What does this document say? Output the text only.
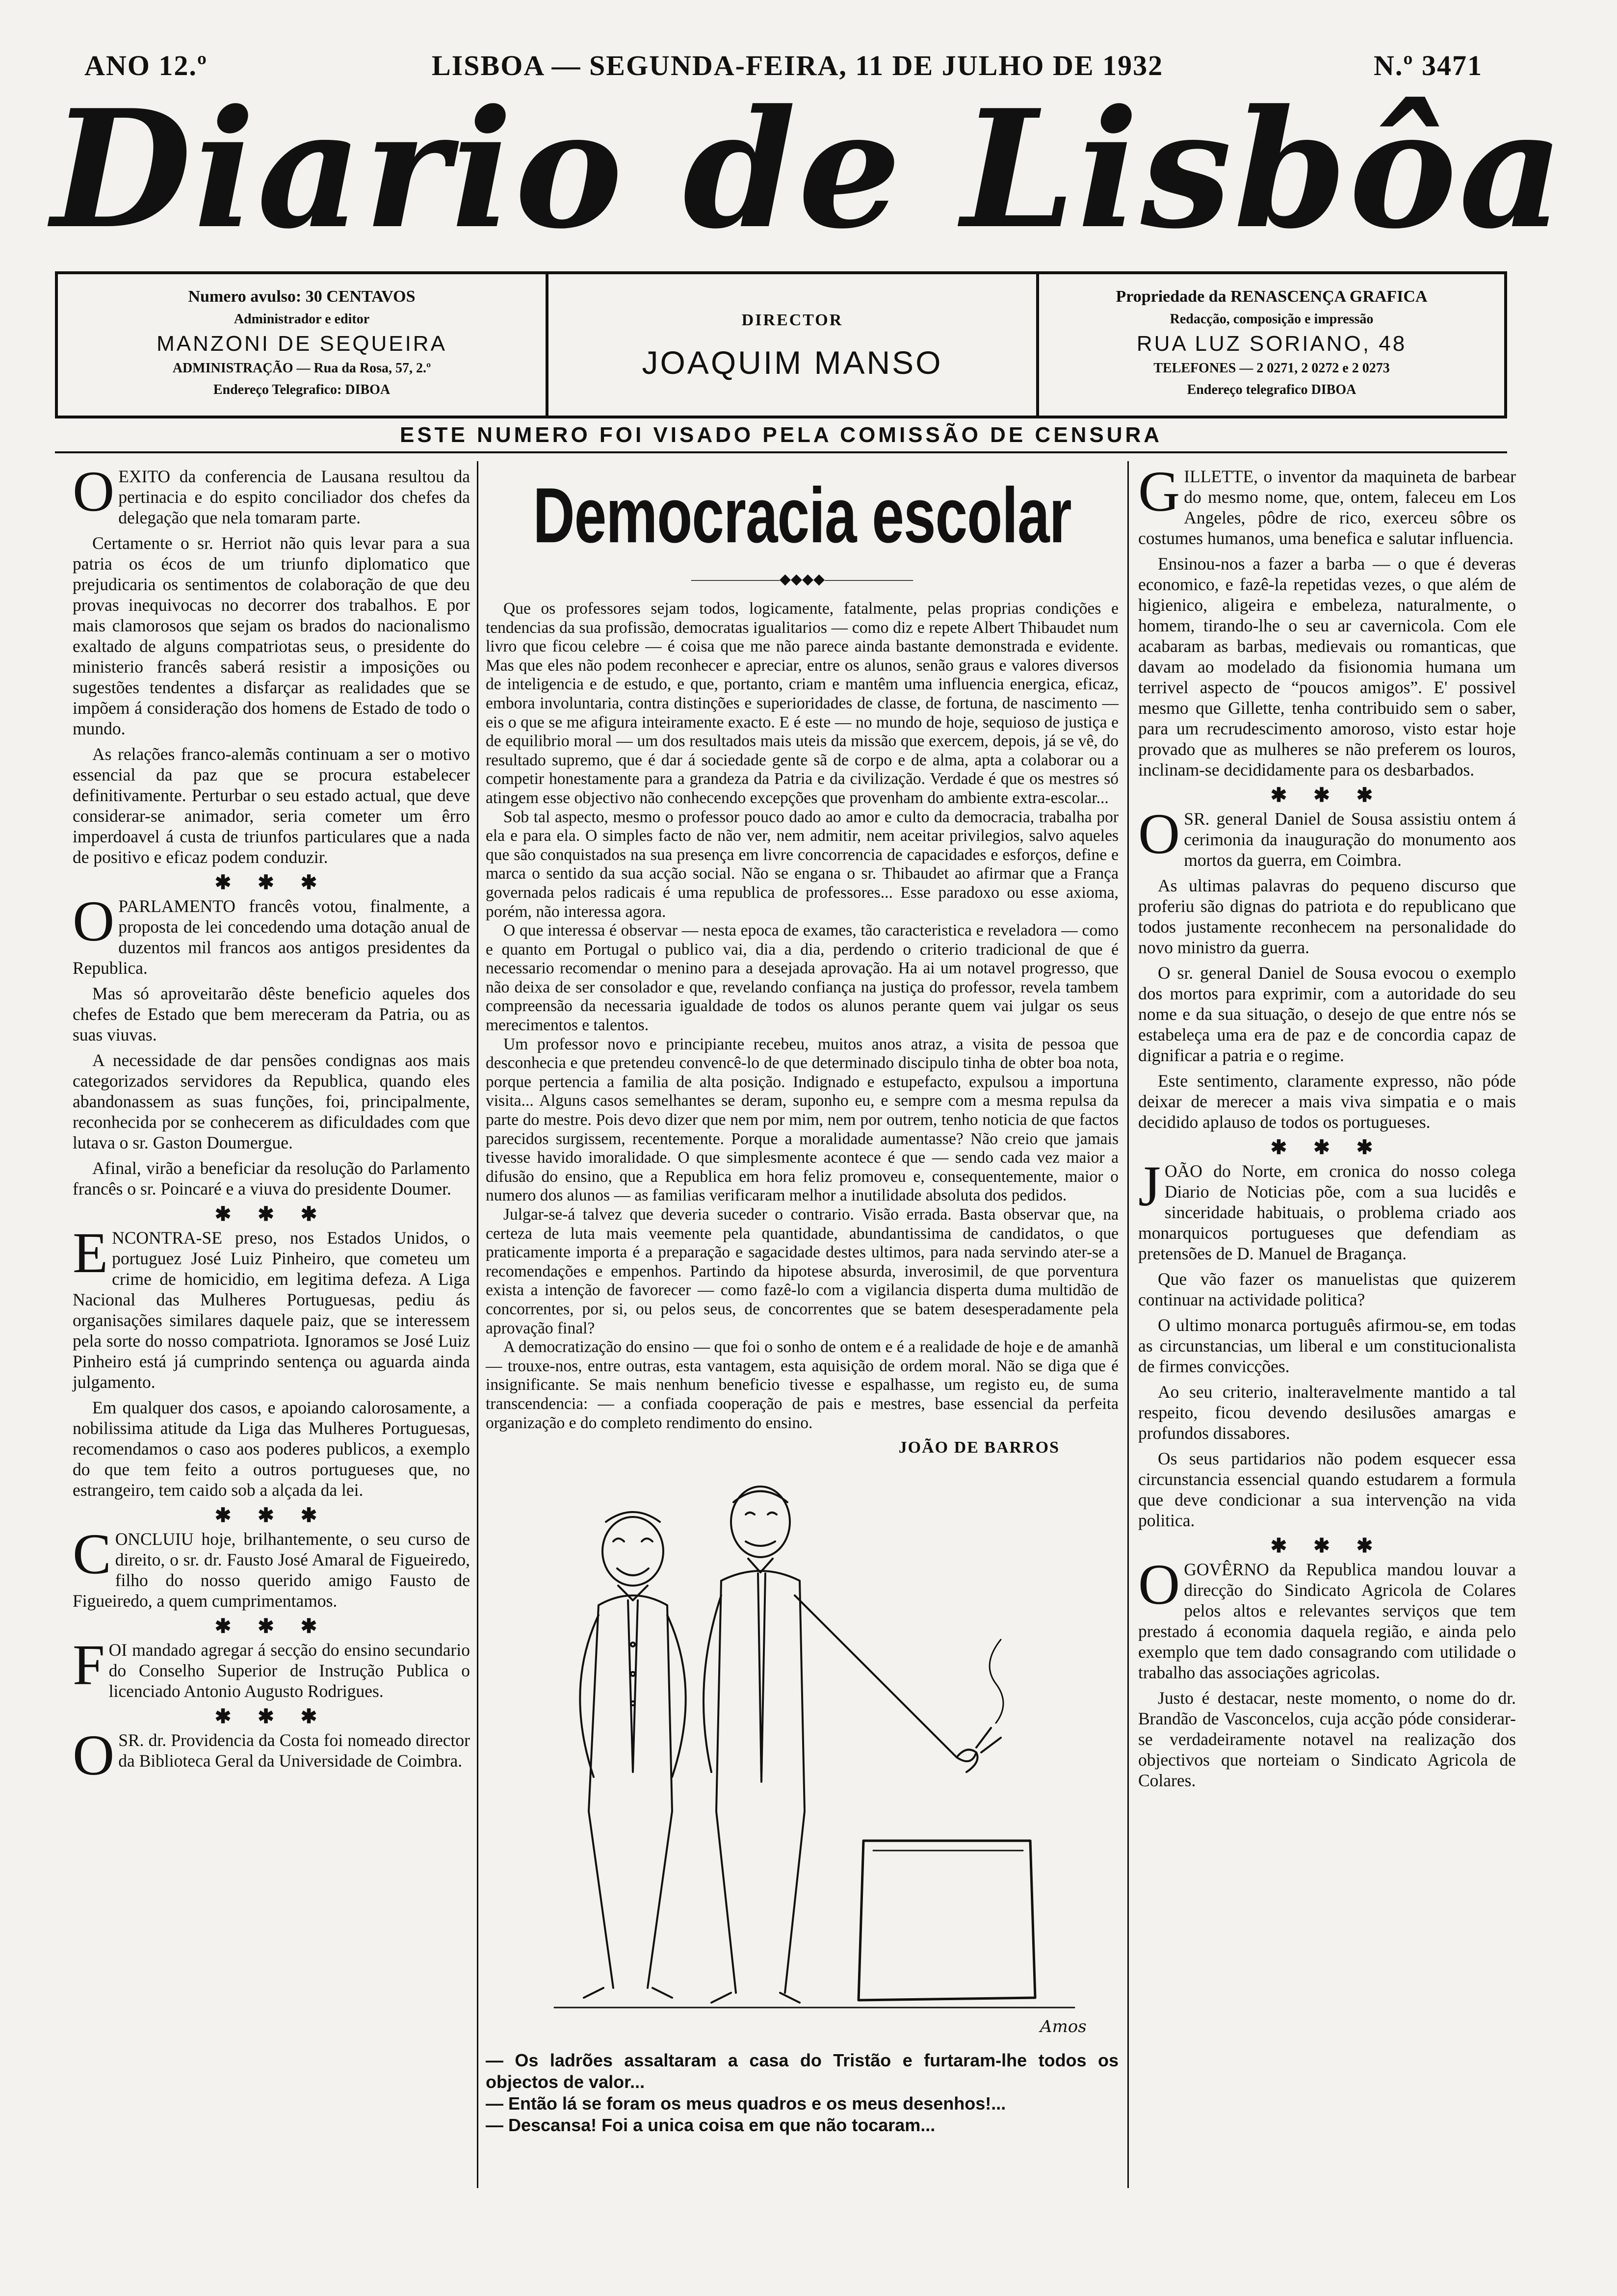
ANO 12.º	LISBOA — SEGUNDA-FEIRA, 11 DE JULHO DE 1932	N.º 3471
Diario de Lisbôa
Numero avulso: 30 CENTAVOS
Administrador e editor
MANZONI DE SEQUEIRA
ADMINISTRAÇÃO — Rua da Rosa, 57, 2.º
Endereço Telegrafico: DIBOA
DIRECTOR
JOAQUIM MANSO
Propriedade da RENASCENÇA GRAFICA
Redacção, composição e impressão
RUA LUZ SORIANO, 48
TELEFONES — 2 0271, 2 0272 e 2 0273
Endereço telegrafico DIBOA
ESTE NUMERO FOI VISADO PELA COMISSÃO DE CENSURA

OEXITO da conferencia de Lausana resultou da pertinacia e do espito conciliador dos chefes da delegação que nela tomaram parte.

Certamente o sr. Herriot não quis levar para a sua patria os écos de um triunfo diplomatico que prejudicaria os sentimentos de colaboração de que deu provas inequivocas no decorrer dos trabalhos. E por mais clamorosos que sejam os brados do nacionalismo exaltado de alguns compatriotas seus, o presidente do ministerio francês saberá resistir a imposições ou sugestões tendentes a disfarçar as realidades que se impõem á consideração dos homens de Estado de todo o mundo.

As relações franco-alemãs continuam a ser o motivo essencial da paz que se procura estabelecer definitivamente. Perturbar o seu estado actual, que deve considerar-se animador, seria cometer um êrro imperdoavel á custa de triunfos particulares que a nada de positivo e eficaz podem conduzir.

✱ ✱ ✱

OPARLAMENTO francês votou, finalmente, a proposta de lei concedendo uma dotação anual de duzentos mil francos aos antigos presidentes da Republica.

Mas só aproveitarão dêste beneficio aqueles dos chefes de Estado que bem mereceram da Patria, ou as suas viuvas.

A necessidade de dar pensões condignas aos mais categorizados servidores da Republica, quando eles abandonassem as suas funções, foi, principalmente, reconhecida por se conhecerem as dificuldades com que lutava o sr. Gaston Doumergue.

Afinal, virão a beneficiar da resolução do Parlamento francês o sr. Poincaré e a viuva do presidente Doumer.

✱ ✱ ✱

ENCONTRA-SE preso, nos Estados Unidos, o portuguez José Luiz Pinheiro, que cometeu um crime de homicidio, em legitima defeza. A Liga Nacional das Mulheres Portuguesas, pediu ás organisações similares daquele paiz, que se interessem pela sorte do nosso compatriota. Ignoramos se José Luiz Pinheiro está já cumprindo sentença ou aguarda ainda julgamento.

Em qualquer dos casos, e apoiando calorosamente, a nobilissima atitude da Liga das Mulheres Portuguesas, recomendamos o caso aos poderes publicos, a exemplo do que tem feito a outros portugueses que, no estrangeiro, tem caido sob a alçada da lei.

✱ ✱ ✱

CONCLUIU hoje, brilhantemente, o seu curso de direito, o sr. dr. Fausto José Amaral de Figueiredo, filho do nosso querido amigo Fausto de Figueiredo, a quem cumprimentamos.

✱ ✱ ✱

FOI mandado agregar á secção do ensino secundario do Conselho Superior de Instrução Publica o licenciado Antonio Augusto Rodrigues.

✱ ✱ ✱

OSR. dr. Providencia da Costa foi nomeado director da Biblioteca Geral da Universidade de Coimbra.

Democracia escolar
——————◆◆◆◆——————

Que os professores sejam todos, logicamente, fatalmente, pelas proprias condições e tendencias da sua profissão, democratas igualitarios — como diz e repete Albert Thibaudet num livro que ficou celebre — é coisa que me não parece ainda bastante demonstrada e evidente. Mas que eles não podem reconhecer e apreciar, entre os alunos, senão graus e valores diversos de inteligencia e de estudo, e que, portanto, criam e mantêm uma influencia energica, eficaz, embora involuntaria, contra distinções e superioridades de classe, de fortuna, de nascimento — eis o que se me afigura inteiramente exacto. E é este — no mundo de hoje, sequioso de justiça e de equilibrio moral — um dos resultados mais uteis da missão que exercem, depois, já se vê, do resultado supremo, que é dar á sociedade gente sã de corpo e de alma, apta a colaborar ou a competir honestamente para a grandeza da Patria e da civilização. Verdade é que os mestres só atingem esse objectivo não conhecendo excepções que provenham do ambiente extra-escolar...

Sob tal aspecto, mesmo o professor pouco dado ao amor e culto da democracia, trabalha por ela e para ela. O simples facto de não ver, nem admitir, nem aceitar privilegios, salvo aqueles que são conquistados na sua presença em livre concorrencia de capacidades e esforços, define e marca o sentido da sua acção social. Não se engana o sr. Thibaudet ao afirmar que a França governada pelos radicais é uma republica de professores... Esse paradoxo ou esse axioma, porém, não interessa agora.

O que interessa é observar — nesta epoca de exames, tão caracteristica e reveladora — como e quanto em Portugal o publico vai, dia a dia, perdendo o criterio tradicional de que é necessario recomendar o menino para a desejada aprovação. Ha ai um notavel progresso, que não deixa de ser consolador e que, revelando confiança na justiça do professor, revela tambem compreensão da necessaria igualdade de todos os alunos perante quem vai julgar os seus merecimentos e talentos.

Um professor novo e principiante recebeu, muitos anos atraz, a visita de pessoa que desconhecia e que pretendeu convencê-lo de que determinado discipulo tinha de obter boa nota, porque pertencia a familia de alta posição. Indignado e estupefacto, expulsou a importuna visita... Alguns casos semelhantes se deram, suponho eu, e sempre com a mesma repulsa da parte do mestre. Pois devo dizer que nem por mim, nem por outrem, tenho noticia de que factos parecidos surgissem, recentemente. Porque a moralidade aumentasse? Não creio que jamais tivesse havido imoralidade. O que simplesmente acontece é que — sendo cada vez maior a difusão do ensino, que a Republica em hora feliz promoveu e, consequentemente, maior o numero dos alunos — as familias verificaram melhor a inutilidade absoluta dos pedidos.

Julgar-se-á talvez que deveria suceder o contrario. Visão errada. Basta observar que, na certeza de luta mais veemente pela quantidade, abundantissima de candidatos, o que praticamente importa é a preparação e sagacidade destes ultimos, para nada servindo ater-se a recomendações e empenhos. Partindo da hipotese absurda, inverosimil, de que porventura exista a intenção de favorecer — como fazê-lo com a vigilancia disperta duma multidão de concorrentes, por si, ou pelos seus, de concorrentes que se batem desesperadamente pela aprovação final?

A democratização do ensino — que foi o sonho de ontem e é a realidade de hoje e de amanhã — trouxe-nos, entre outras, esta vantagem, esta aquisição de ordem moral. Não se diga que é insignificante. Se mais nenhum beneficio tivesse e espalhasse, um registo eu, de suma transcendencia: — a confiada cooperação de pais e mestres, base essencial da perfeita organização e do completo rendimento do ensino.

JOÃO DE BARROS
Amos
— Os ladrões assaltaram a casa do Tristão e furtaram-lhe todos os objectos de valor...
— Então lá se foram os meus quadros e os meus desenhos!...
— Descansa! Foi a unica coisa em que não tocaram...

GILLETTE, o inventor da maquineta de barbear do mesmo nome, que, ontem, faleceu em Los Angeles, pôdre de rico, exerceu sôbre os costumes humanos, uma benefica e salutar influencia.

Ensinou-nos a fazer a barba — o que é deveras economico, e fazê-la repetidas vezes, o que além de higienico, aligeira e embeleza, naturalmente, o homem, tirando-lhe o seu ar cavernicola. Com ele acabaram as barbas, medievais ou romanticas, que davam ao modelado da fisionomia humana um terrivel aspecto de “poucos amigos”. E' possivel mesmo que Gillette, tenha contribuido sem o saber, para um recrudescimento amoroso, visto estar hoje provado que as mulheres se não preferem os louros, inclinam-se decididamente para os desbarbados.

✱ ✱ ✱

OSR. general Daniel de Sousa assistiu ontem á cerimonia da inauguração do monumento aos mortos da guerra, em Coimbra.

As ultimas palavras do pequeno discurso que proferiu são dignas do patriota e do republicano que todos justamente reconhecem na personalidade do novo ministro da guerra.

O sr. general Daniel de Sousa evocou o exemplo dos mortos para exprimir, com a autoridade do seu nome e da sua situação, o desejo de que entre nós se estabeleça uma era de paz e de concordia capaz de dignificar a patria e o regime.

Este sentimento, claramente expresso, não póde deixar de merecer a mais viva simpatia e o mais decidido aplauso de todos os portugueses.

✱ ✱ ✱

JOÃO do Norte, em cronica do nosso colega Diario de Noticias põe, com a sua lucidês e sinceridade habituais, o problema criado aos monarquicos portugueses que defendiam as pretensões de D. Manuel de Bragança.

Que vão fazer os manuelistas que quizerem continuar na actividade politica?

O ultimo monarca português afirmou-se, em todas as circunstancias, um liberal e um constitucionalista de firmes convicções.

Ao seu criterio, inalteravelmente mantido a tal respeito, ficou devendo desilusões amargas e profundos dissabores.

Os seus partidarios não podem esquecer essa circunstancia essencial quando estudarem a formula que deve condicionar a sua intervenção na vida politica.

✱ ✱ ✱

OGOVÊRNO da Republica mandou louvar a direcção do Sindicato Agricola de Colares pelos altos e relevantes serviços que tem prestado á economia daquela região, e ainda pelo exemplo que tem dado consagrando com utilidade o trabalho das associações agricolas.

Justo é destacar, neste momento, o nome do dr. Brandão de Vasconcelos, cuja acção póde considerar-se verdadeiramente notavel na realização dos objectivos que norteiam o Sindicato Agricola de Colares.
